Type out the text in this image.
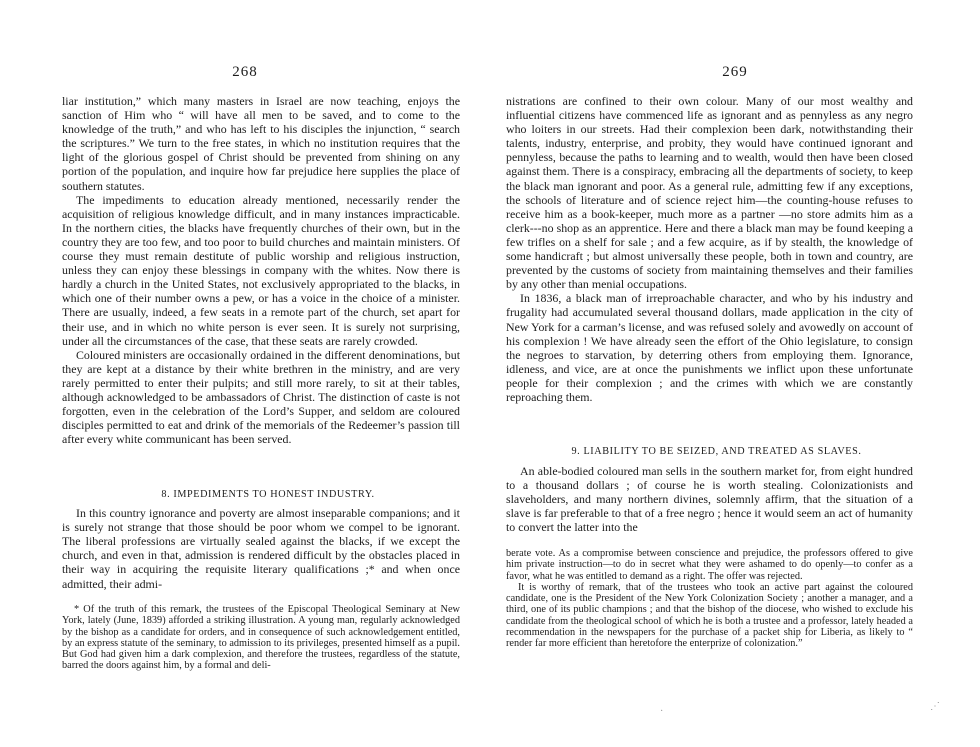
268

liar institution,” which many masters in Israel are now teaching, enjoys the sanction of Him who “ will have all men to be saved, and to come to the knowledge of the truth,” and who has left to his disciples the injunction, “ search the scriptures.” We turn to the free states, in which no institution requires that the light of the glorious gospel of Christ should be prevented from shining on any portion of the population, and inquire how far prejudice here supplies the place of southern statutes.

The impediments to education already mentioned, necessarily render the acquisition of religious knowledge difficult, and in many instances impracticable. In the northern cities, the blacks have frequently churches of their own, but in the country they are too few, and too poor to build churches and maintain ministers. Of course they must remain destitute of public worship and religious instruction, unless they can enjoy these blessings in company with the whites. Now there is hardly a church in the United States, not exclusively appropriated to the blacks, in which one of their number owns a pew, or has a voice in the choice of a minister. There are usually, indeed, a few seats in a remote part of the church, set apart for their use, and in which no white person is ever seen. It is surely not surprising, under all the circumstances of the case, that these seats are rarely crowded.

Coloured ministers are occasionally ordained in the different denominations, but they are kept at a distance by their white brethren in the ministry, and are very rarely permitted to enter their pulpits; and still more rarely, to sit at their tables, although acknowledged to be ambassadors of Christ. The distinction of caste is not forgotten, even in the celebration of the Lord’s Supper, and seldom are coloured disciples permitted to eat and drink of the memorials of the Redeemer’s passion till after every white communicant has been served.

8. IMPEDIMENTS TO HONEST INDUSTRY.

In this country ignorance and poverty are almost inseparable companions; and it is surely not strange that those should be poor whom we compel to be ignorant. The liberal professions are virtually sealed against the blacks, if we except the church, and even in that, admission is rendered difficult by the obstacles placed in their way in acquiring the requisite literary qualifications ;* and when once admitted, their admi-

* Of the truth of this remark, the trustees of the Episcopal Theological Seminary at New York, lately (June, 1839) afforded a striking illustration. A young man, regularly acknowledged by the bishop as a candidate for orders, and in consequence of such acknowledgement entitled, by an express statute of the seminary, to admission to its privileges, presented himself as a pupil. But God had given him a dark complexion, and therefore the trustees, regardless of the statute, barred the doors against him, by a formal and deli-

269

nistrations are confined to their own colour. Many of our most wealthy and influential citizens have commenced life as ignorant and as pennyless as any negro who loiters in our streets. Had their complexion been dark, notwithstanding their talents, industry, enterprise, and probity, they would have continued ignorant and pennyless, because the paths to learning and to wealth, would then have been closed against them. There is a conspiracy, embracing all the departments of society, to keep the black man ignorant and poor. As a general rule, admitting few if any exceptions, the schools of literature and of science reject him—the counting-house refuses to receive him as a book-keeper, much more as a partner —no store admits him as a clerk---no shop as an apprentice. Here and there a black man may be found keeping a few trifles on a shelf for sale ; and a few acquire, as if by stealth, the knowledge of some handicraft ; but almost universally these people, both in town and country, are prevented by the customs of society from maintaining themselves and their families by any other than menial occupations.

In 1836, a black man of irreproachable character, and who by his industry and frugality had accumulated several thousand dollars, made application in the city of New York for a carman’s license, and was refused solely and avowedly on account of his complexion ! We have already seen the effort of the Ohio legislature, to consign the negroes to starvation, by deterring others from employing them. Ignorance, idleness, and vice, are at once the punishments we inflict upon these unfortunate people for their complexion ; and the crimes with which we are constantly reproaching them.

9. LIABILITY TO BE SEIZED, AND TREATED AS SLAVES.

An able-bodied coloured man sells in the southern market for, from eight hundred to a thousand dollars ; of course he is worth stealing. Colonizationists and slaveholders, and many northern divines, solemnly affirm, that the situation of a slave is far preferable to that of a free negro ; hence it would seem an act of humanity to convert the latter into the

berate vote. As a compromise between conscience and prejudice, the professors offered to give him private instruction—to do in secret what they were ashamed to do openly—to confer as a favor, what he was entitled to demand as a right. The offer was rejected.

It is worthy of remark, that of the trustees who took an active part against the coloured candidate, one is the President of the New York Colonization Society ; another a manager, and a third, one of its public champions ; and that the bishop of the diocese, who wished to exclude his candidate from the theological school of which he is both a trustee and a professor, lately headed a recommendation in the newspapers for the purchase of a packet ship for Liberia, as likely to “ render far more efficient than heretofore the enterprize of colonization.”

·	⋰
